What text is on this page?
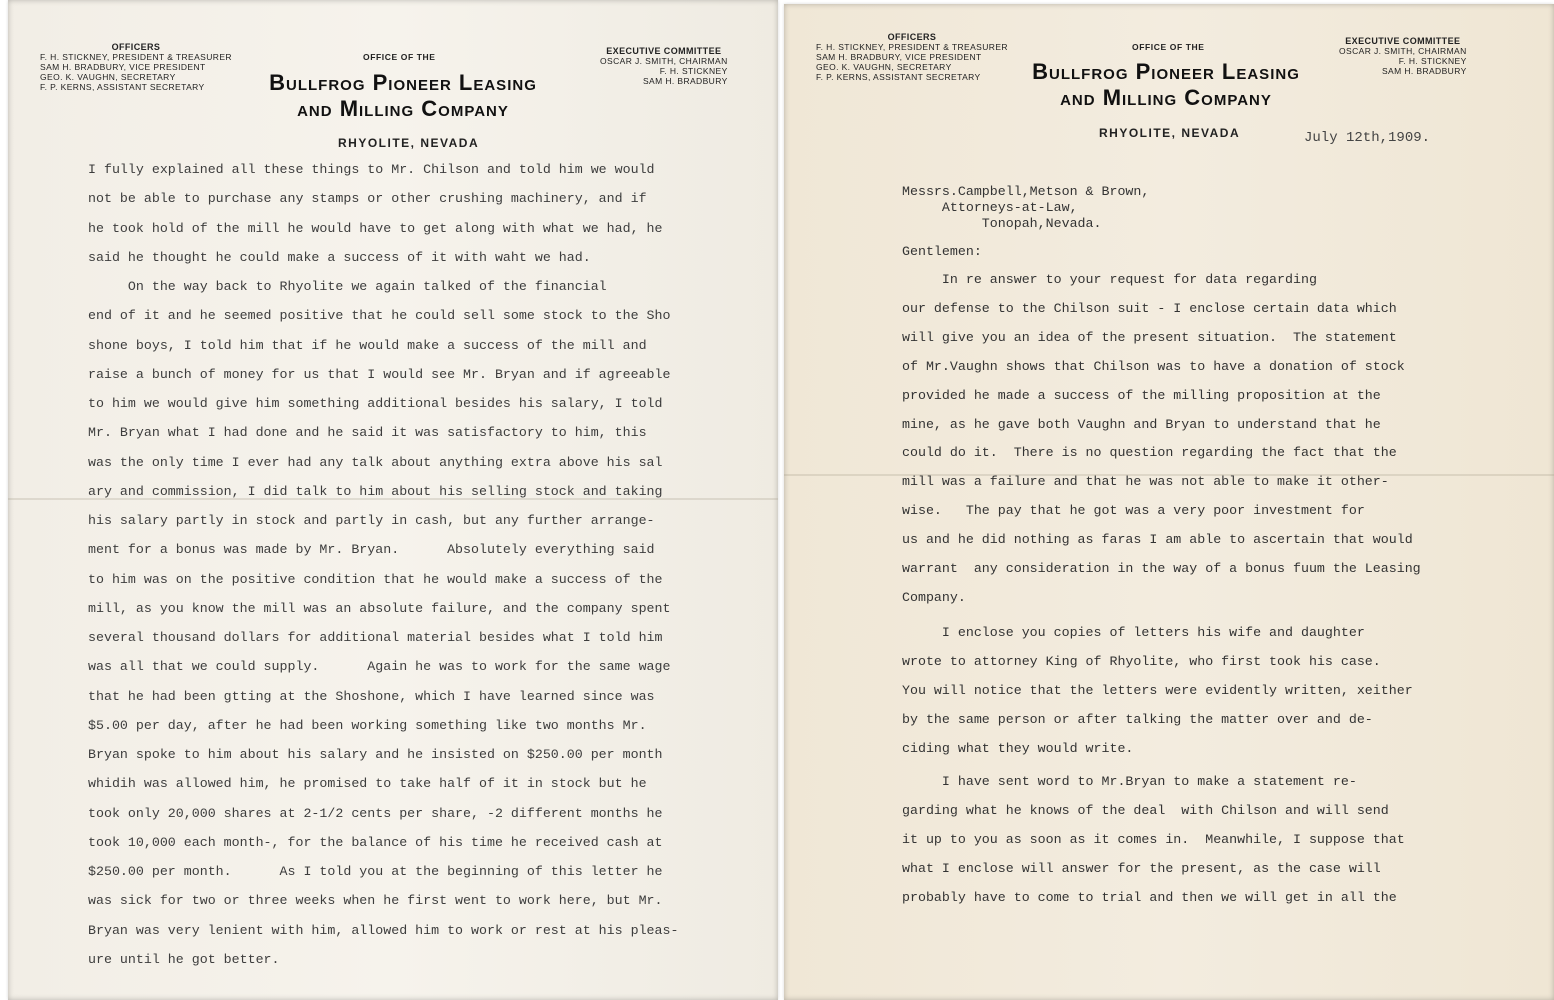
OFFICERS
F. H. STICKNEY, PRESIDENT & TREASURER
SAM H. BRADBURY, VICE PRESIDENT
GEO. K. VAUGHN, SECRETARY
F. P. KERNS, ASSISTANT SECRETARY
OFFICE OF THE
Bullfrog Pioneer Leasing
and Milling Company
RHYOLITE, NEVADA
EXECUTIVE COMMITTEE
OSCAR J. SMITH, CHAIRMAN
F. H. STICKNEY
SAM H. BRADBURY
I fully explained all these things to Mr. Chilson and told him we would
not be able to purchase any stamps or other crushing machinery, and if
he took hold of the mill he would have to get along with what we had, he
said he thought he could make a success of it with waht we had.
On the way back to Rhyolite we again talked of the financial
end of it and he seemed positive that he could sell some stock to the Sho
shone boys, I told him that if he would make a success of the mill and
raise a bunch of money for us that I would see Mr. Bryan and if agreeable
to him we would give him something additional besides his salary, I told
Mr. Bryan what I had done and he said it was satisfactory to him, this
was the only time I ever had any talk about anything extra above his sal
ary and commission, I did talk to him about his selling stock and taking
his salary partly in stock and partly in cash, but any further arrange-
ment for a bonus was made by Mr. Bryan.      Absolutely everything said
to him was on the positive condition that he would make a success of the
mill, as you know the mill was an absolute failure, and the company spent
several thousand dollars for additional material besides what I told him
was all that we could supply.      Again he was to work for the same wage
that he had been gtting at the Shoshone, which I have learned since was
$5.00 per day, after he had been working something like two months Mr.
Bryan spoke to him about his salary and he insisted on $250.00 per month
whidih was allowed him, he promised to take half of it in stock but he
took only 20,000 shares at 2-1/2 cents per share, -2 different months he
took 10,000 each month-, for the balance of his time he received cash at
$250.00 per month.      As I told you at the beginning of this letter he
was sick for two or three weeks when he first went to work here, but Mr.
Bryan was very lenient with him, allowed him to work or rest at his pleas-
ure until he got better.
OFFICERS
F. H. STICKNEY, PRESIDENT & TREASURER
SAM H. BRADBURY, VICE PRESIDENT
GEO. K. VAUGHN, SECRETARY
F. P. KERNS, ASSISTANT SECRETARY
OFFICE OF THE
Bullfrog Pioneer Leasing
and Milling Company
RHYOLITE, NEVADA
EXECUTIVE COMMITTEE
OSCAR J. SMITH, CHAIRMAN
F. H. STICKNEY
SAM H. BRADBURY
July 12th,1909.
Messrs.Campbell,Metson & Brown,
Attorneys-at-Law,
Tonopah,Nevada.
Gentlemen:
In re answer to your request for data regarding
our defense to the Chilson suit - I enclose certain data which
will give you an idea of the present situation.  The statement
of Mr.Vaughn shows that Chilson was to have a donation of stock
provided he made a success of the milling proposition at the
mine, as he gave both Vaughn and Bryan to understand that he
could do it.  There is no question regarding the fact that the
mill was a failure and that he was not able to make it other-
wise.   The pay that he got was a very poor investment for
us and he did nothing as faras I am able to ascertain that would
warrant  any consideration in the way of a bonus fuum the Leasing
Company.
I enclose you copies of letters his wife and daughter
wrote to attorney King of Rhyolite, who first took his case.
You will notice that the letters were evidently written, xeither
by the same person or after talking the matter over and de-
ciding what they would write.
I have sent word to Mr.Bryan to make a statement re-
garding what he knows of the deal  with Chilson and will send
it up to you as soon as it comes in.  Meanwhile, I suppose that
what I enclose will answer for the present, as the case will
probably have to come to trial and then we will get in all the
